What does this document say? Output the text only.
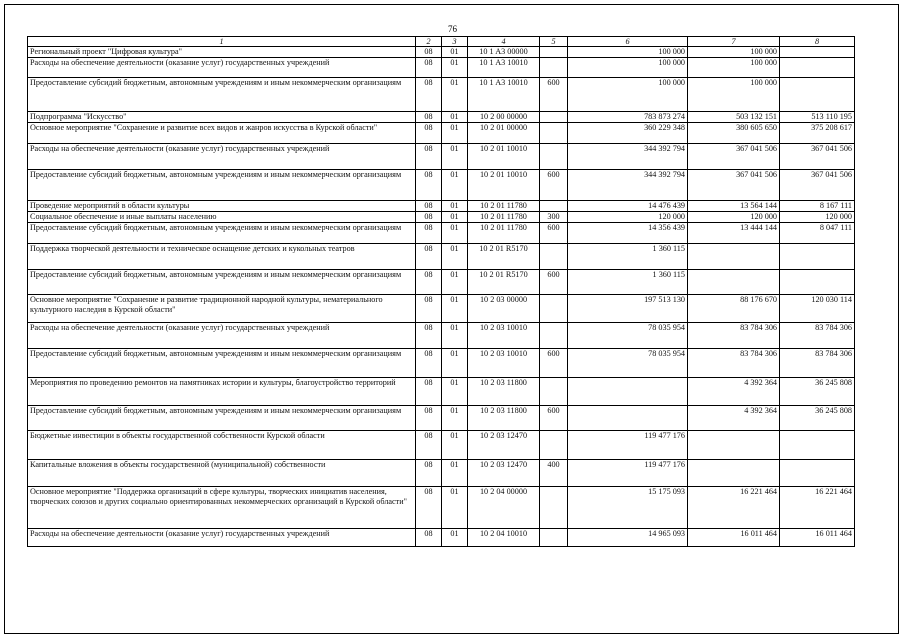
76
1	2	3	4	5	6	7	8
Региональный проект "Цифровая культура"	08	01	10 1 A3 00000		100 000	100 000	
Расходы на обеспечение деятельности (оказание услуг) государственных учреждений	08	01	10 1 A3 10010		100 000	100 000	
Предоставление субсидий бюджетным, автономным учреждениям и иным некоммерческим организациям	08	01	10 1 A3 10010	600	100 000	100 000	
Подпрограмма "Искусство"	08	01	10 2 00 00000		783 873 274	503 132 151	513 110 195
Основное мероприятие "Сохранение и развитие всех видов и жанров искусства в Курской области"	08	01	10 2 01 00000		360 229 348	380 605 650	375 208 617
Расходы на обеспечение деятельности (оказание услуг) государственных учреждений	08	01	10 2 01 10010		344 392 794	367 041 506	367 041 506
Предоставление субсидий бюджетным, автономным учреждениям и иным некоммерческим организациям	08	01	10 2 01 10010	600	344 392 794	367 041 506	367 041 506
Проведение мероприятий в области культуры	08	01	10 2 01 11780		14 476 439	13 564 144	8 167 111
Социальное обеспечение и иные выплаты населению	08	01	10 2 01 11780	300	120 000	120 000	120 000
Предоставление субсидий бюджетным, автономным учреждениям и иным некоммерческим организациям	08	01	10 2 01 11780	600	14 356 439	13 444 144	8 047 111
Поддержка творческой деятельности и техническое оснащение детских и кукольных театров	08	01	10 2 01 R5170		1 360 115		
Предоставление субсидий бюджетным, автономным учреждениям и иным некоммерческим организациям	08	01	10 2 01 R5170	600	1 360 115		
Основное мероприятие "Сохранение и развитие традиционной народной культуры, нематериального культурного наследия в Курской области"	08	01	10 2 03 00000		197 513 130	88 176 670	120 030 114
Расходы на обеспечение деятельности (оказание услуг) государственных учреждений	08	01	10 2 03 10010		78 035 954	83 784 306	83 784 306
Предоставление субсидий бюджетным, автономным учреждениям и иным некоммерческим организациям	08	01	10 2 03 10010	600	78 035 954	83 784 306	83 784 306
Мероприятия по проведению ремонтов на памятниках истории и культуры, благоустройство территорий	08	01	10 2 03 11800			4 392 364	36 245 808
Предоставление субсидий бюджетным, автономным учреждениям и иным некоммерческим организациям	08	01	10 2 03 11800	600		4 392 364	36 245 808
Бюджетные инвестиции в объекты государственной собственности Курской области	08	01	10 2 03 12470		119 477 176		
Капитальные вложения в объекты государственной (муниципальной) собственности	08	01	10 2 03 12470	400	119 477 176		
Основное мероприятие "Поддержка организаций в сфере культуры, творческих инициатив населения, творческих союзов и других социально ориентированных некоммерческих организаций в Курской области"	08	01	10 2 04 00000		15 175 093	16 221 464	16 221 464
Расходы на обеспечение деятельности (оказание услуг) государственных учреждений	08	01	10 2 04 10010		14 965 093	16 011 464	16 011 464
